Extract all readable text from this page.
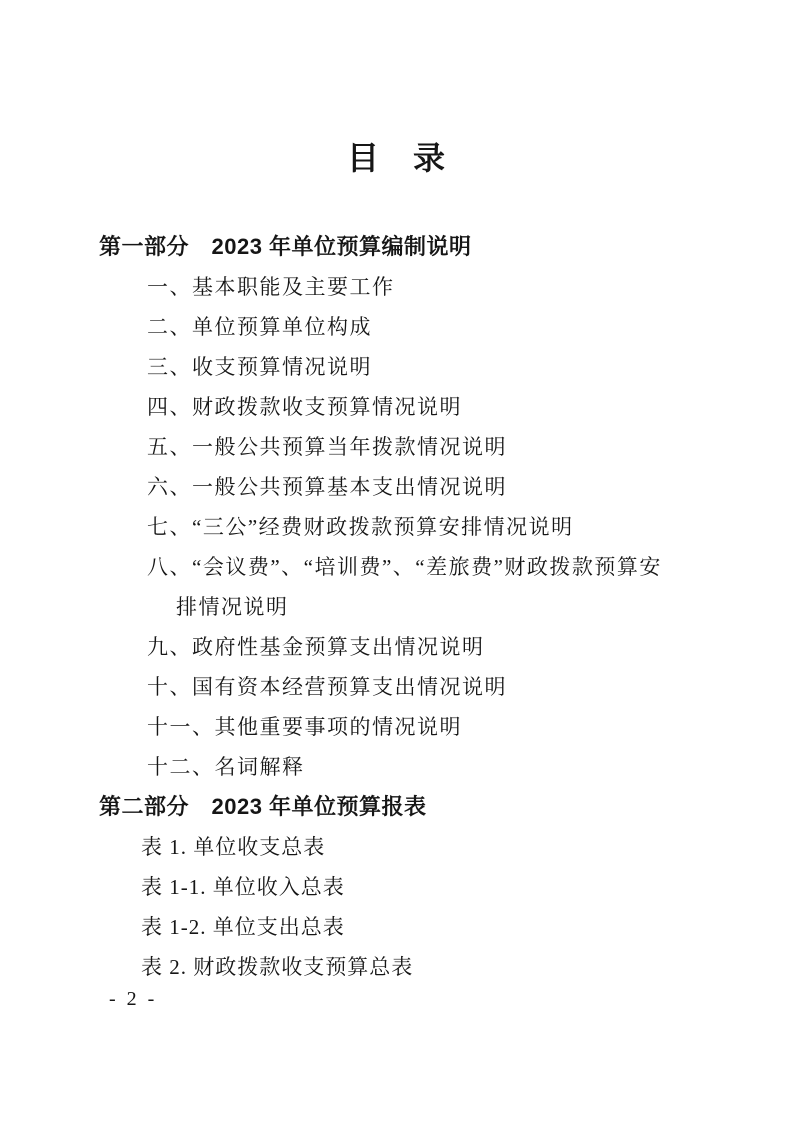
目　录
第一部分　2023 年单位预算编制说明
一、基本职能及主要工作
二、单位预算单位构成
三、收支预算情况说明
四、财政拨款收支预算情况说明
五、一般公共预算当年拨款情况说明
六、一般公共预算基本支出情况说明
七、“三公”经费财政拨款预算安排情况说明
八、“会议费”、“培训费”、“差旅费”财政拨款预算安
排情况说明
九、政府性基金预算支出情况说明
十、国有资本经营预算支出情况说明
十一、其他重要事项的情况说明
十二、名词解释
第二部分　2023 年单位预算报表
表 1. 单位收支总表
表 1-1. 单位收入总表
表 1-2. 单位支出总表
表 2. 财政拨款收支预算总表
- 2 -
